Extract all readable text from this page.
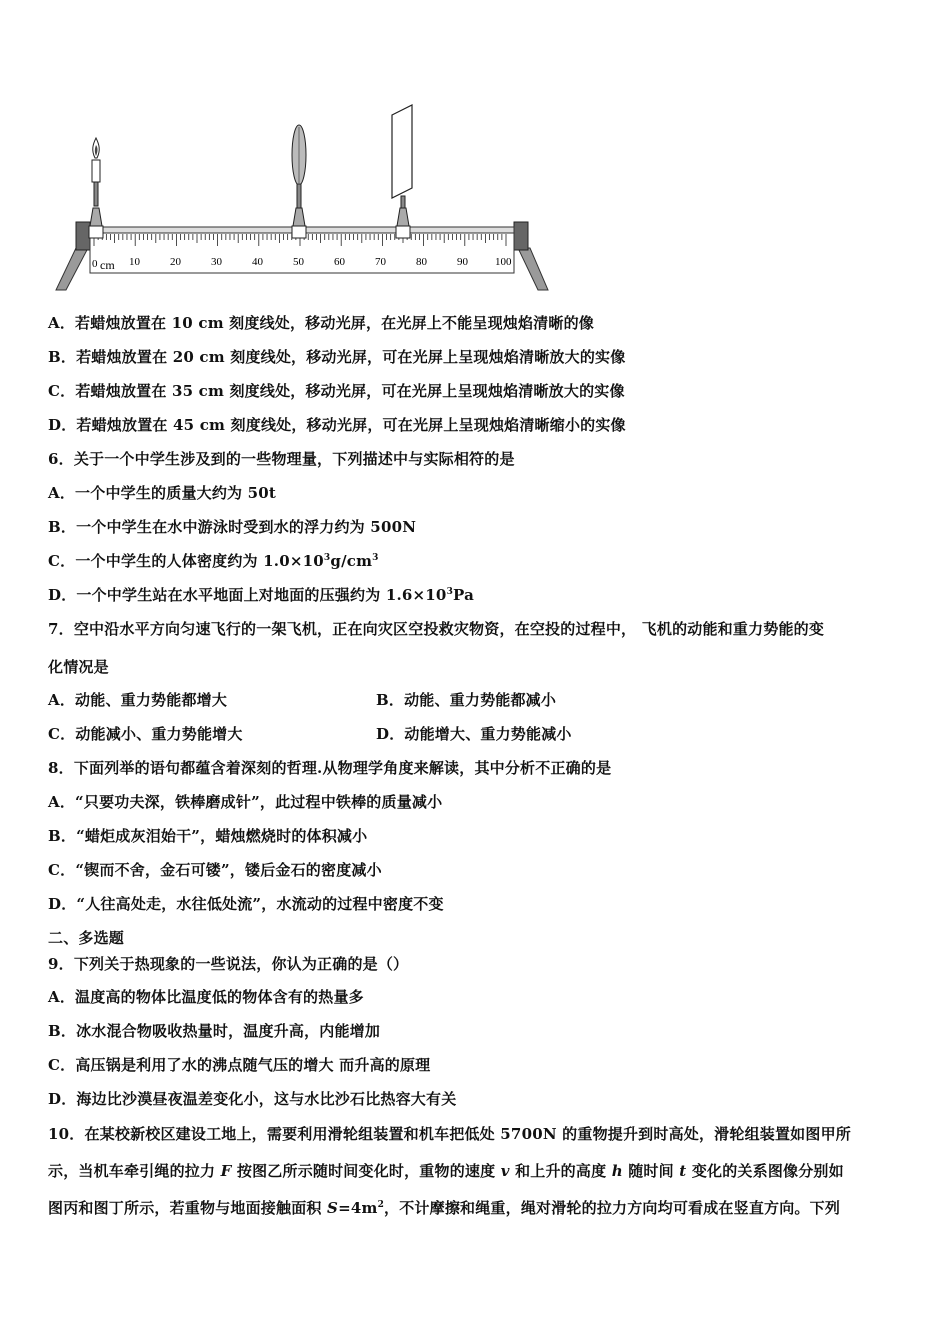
0 cm 10	20	30	40	50	60	70	80	90 100
A．若蜡烛放置在 10 cm 刻度线处，移动光屏，在光屏上不能呈现烛焰清晰的像
B．若蜡烛放置在 20 cm 刻度线处，移动光屏，可在光屏上呈现烛焰清晰放大的实像
C．若蜡烛放置在 35 cm 刻度线处，移动光屏，可在光屏上呈现烛焰清晰放大的实像
D．若蜡烛放置在 45 cm 刻度线处，移动光屏，可在光屏上呈现烛焰清晰缩小的实像
6．关于一个中学生涉及到的一些物理量，下列描述中与实际相符的是
A．一个中学生的质量大约为 50t
B．一个中学生在水中游泳时受到水的浮力约为 500N
C．一个中学生的人体密度约为 $1.0\times 10^3g/cm^3$
D．一个中学生站在水平地面上对地面的压强约为 $1.6\times 10^3Pa$
7．空中沿水平方向匀速飞行的一架飞机，正在向灾区空投救灾物资，在空投的过程中， 飞机的动能和重力势能的变
化情况是
A．动能、重力势能都增大	B．动能、重力势能都减小
C．动能减小、重力势能增大	D．动能增大、重力势能减小
8．下面列举的语句都蕴含着深刻的哲理.从物理学角度来解读，其中分析不正确的是
A．“只要功夫深，铁棒磨成针”，此过程中铁棒的质量减小
B．“蜡炬成灰泪始干”，蜡烛燃烧时的体积减小
C．“锲而不舍，金石可镂”，镂后金石的密度减小
D．“人往高处走，水往低处流”，水流动的过程中密度不变
二、多选题
9．下列关于热现象的一些说法，你认为正确的是（）
A．温度高的物体比温度低的物体含有的热量多
B．冰水混合物吸收热量时，温度升高，内能增加
C．高压锅是利用了水的沸点随气压的增大 而升高的原理
D．海边比沙漠昼夜温差变化小，这与水比沙石比热容大有关
10．在某校新校区建设工地上，需要利用滑轮组装置和机车把低处 5700N 的重物提升到时高处，滑轮组装置如图甲所
示，当机车牵引绳的拉力 F 按图乙所示随时间变化时，重物的速度 v 和上升的高度 h 随时间 t 变化的关系图像分别如
图丙和图丁所示，若重物与地面接触面积 $S=4m^2$，不计摩擦和绳重，绳对滑轮的拉力方向均可看成在竖直方向。下列
